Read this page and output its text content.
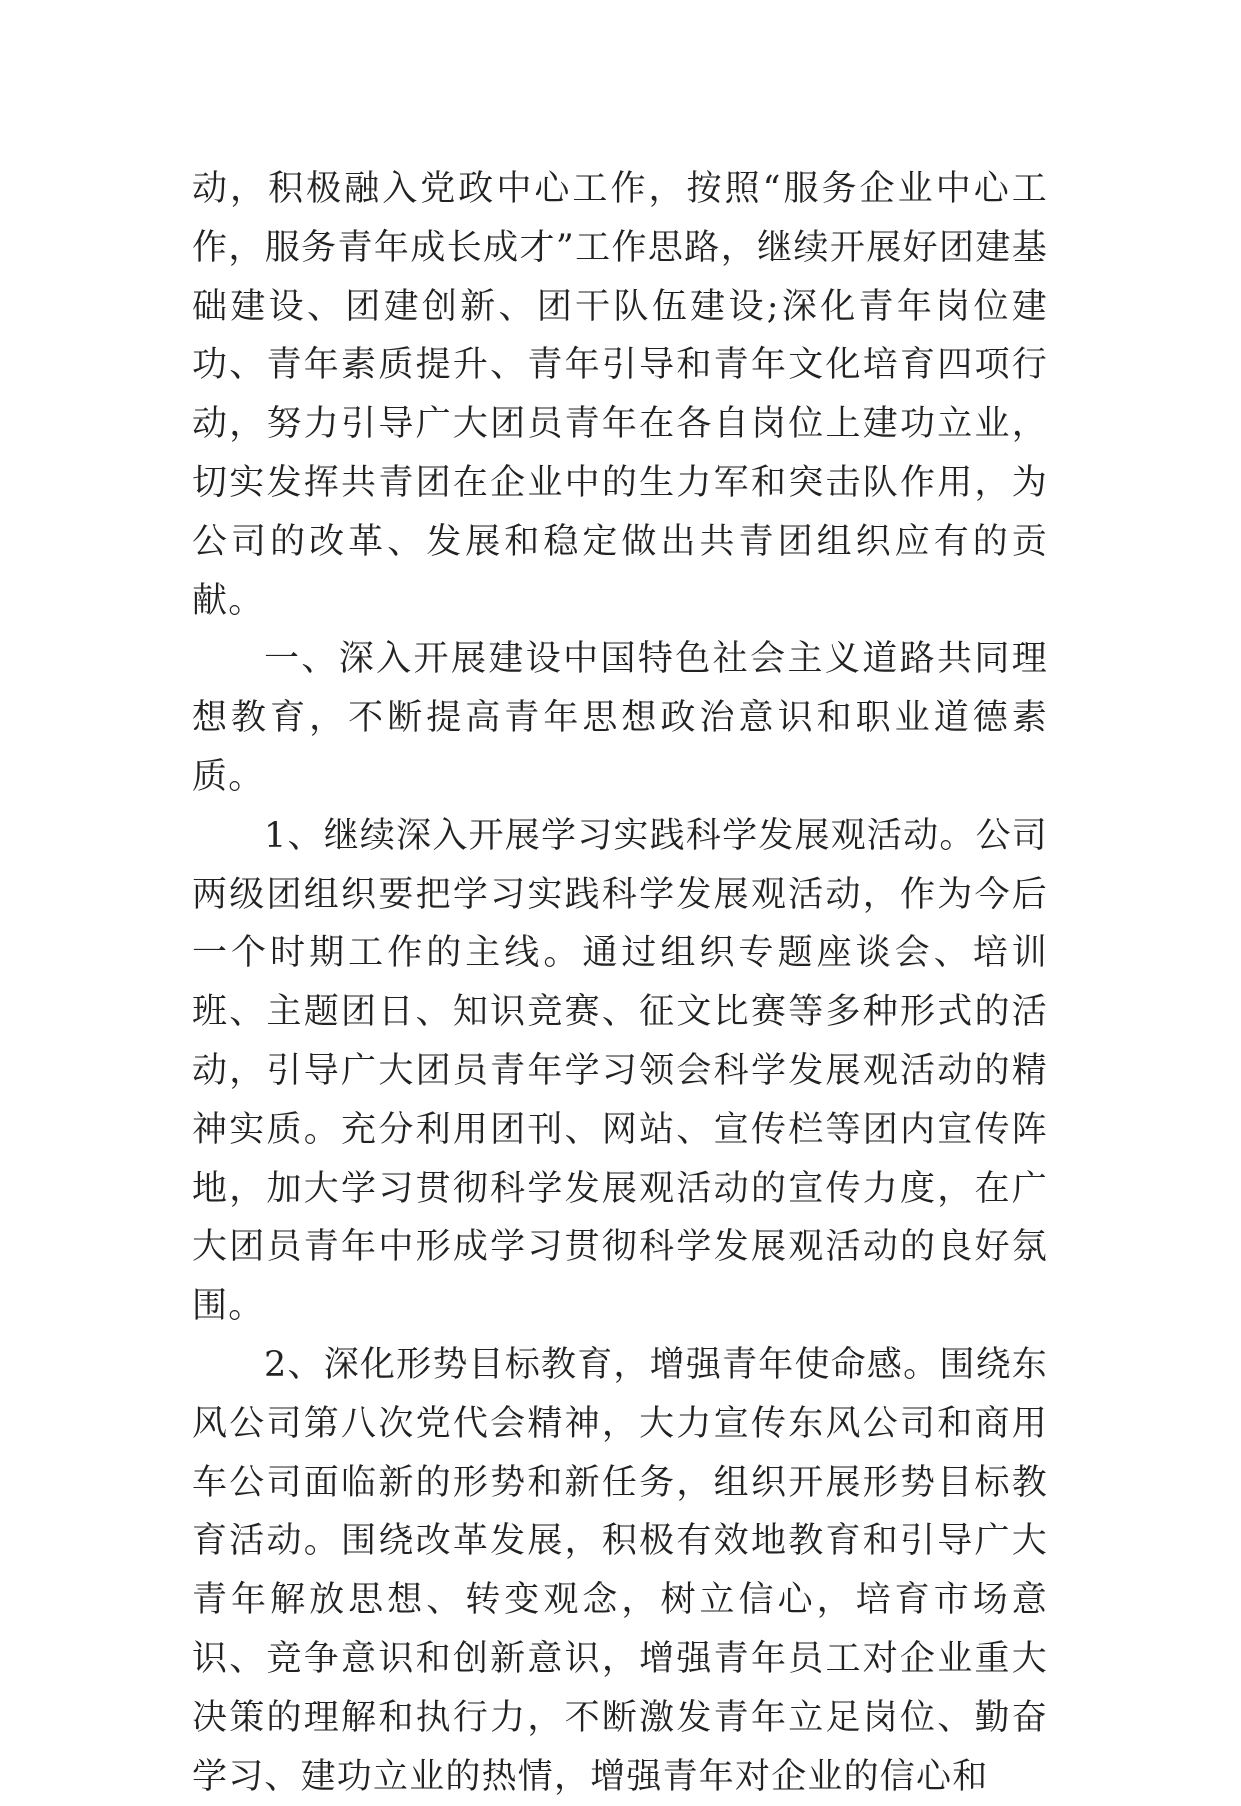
动，积极融入党政中心工作，按照“服务企业中心工作，服务青年成长成才”工作思路，继续开展好团建基础建设、团建创新、团干队伍建设;深化青年岗位建功、青年素质提升、青年引导和青年文化培育四项行动，努力引导广大团员青年在各自岗位上建功立业，切实发挥共青团在企业中的生力军和突击队作用，为公司的改革、发展和稳定做出共青团组织应有的贡献。

一、深入开展建设中国特色社会主义道路共同理想教育，不断提高青年思想政治意识和职业道德素质。

1、继续深入开展学习实践科学发展观活动。公司两级团组织要把学习实践科学发展观活动，作为今后一个时期工作的主线。通过组织专题座谈会、培训班、主题团日、知识竞赛、征文比赛等多种形式的活动，引导广大团员青年学习领会科学发展观活动的精神实质。充分利用团刊、网站、宣传栏等团内宣传阵地，加大学习贯彻科学发展观活动的宣传力度，在广大团员青年中形成学习贯彻科学发展观活动的良好氛围。

2、深化形势目标教育，增强青年使命感。围绕东风公司第八次党代会精神，大力宣传东风公司和商用车公司面临新的形势和新任务，组织开展形势目标教育活动。围绕改革发展，积极有效地教育和引导广大青年解放思想、转变观念，树立信心，培育市场意识、竞争意识和创新意识，增强青年员工对企业重大决策的理解和执行力，不断激发青年立足岗位、勤奋学习、建功立业的热情，增强青年对企业的信心和
